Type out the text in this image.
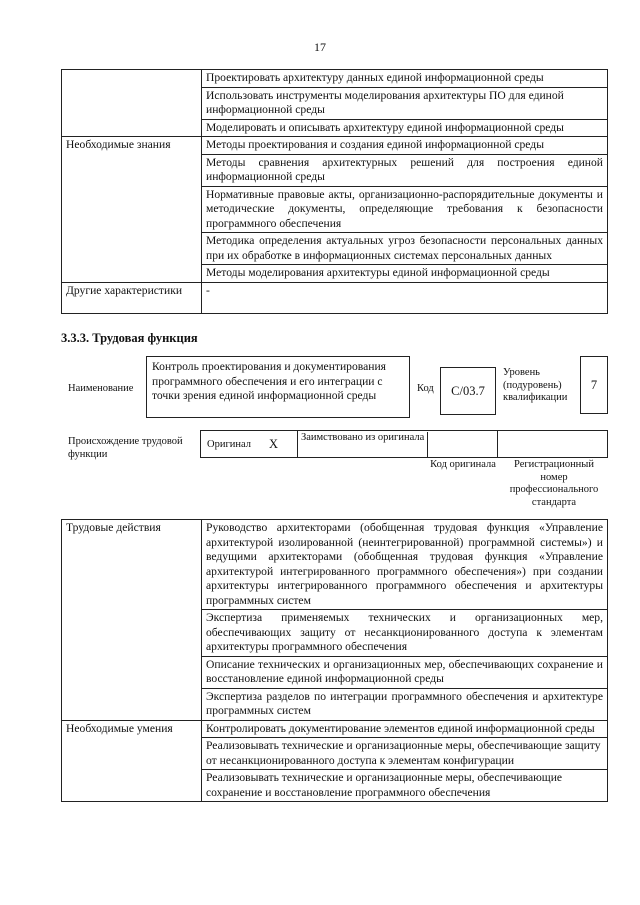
17
	Проектировать архитектуру данных единой информационной среды
	Использовать инструменты моделирования архитектуры ПО для единой информационной среды
	Моделировать и описывать архитектуру единой информационной среды
Необходимые знания	Методы проектирования и создания единой информационной среды
	Методы сравнения архитектурных решений для построения единой информационной среды
	Нормативные правовые акты, организационно-распорядительные документы и методические документы, определяющие требования к безопасности программного обеспечения
	Методика определения актуальных угроз безопасности персональных данных при их обработке в информационных системах персональных данных
	Методы моделирования архитектуры единой информационной среды
Другие характеристики	-
3.3.3. Трудовая функция
Наименование
Контроль проектирования и документирования программного обеспечения и его интеграции с точки зрения единой информационной среды
Код	С/03.7
Уровень (подуровень) квалификации
7
Происхождение трудовой функции
Оригинал X Заимствовано из оригинала
Код оригинала	Регистрационный номер профессионального стандарта
Трудовые действия	Руководство архитекторами (обобщенная трудовая функция «Управление архитектурой изолированной (неинтегрированной) программной системы») и ведущими архитекторами (обобщенная трудовая функция «Управление архитектурой интегрированного программного обеспечения») при создании архитектуры интегрированного программного обеспечения и архитектуры программных систем
	Экспертиза применяемых технических и организационных мер, обеспечивающих защиту от несанкционированного доступа к элементам архитектуры программного обеспечения
	Описание технических и организационных мер, обеспечивающих сохранение и восстановление единой информационной среды
	Экспертиза разделов по интеграции программного обеспечения и архитектуре программных систем
Необходимые умения	Контролировать документирование элементов единой информационной среды
	Реализовывать технические и организационные меры, обеспечивающие защиту от несанкционированного доступа к элементам конфигурации
	Реализовывать технические и организационные меры, обеспечивающие сохранение и восстановление программного обеспечения
